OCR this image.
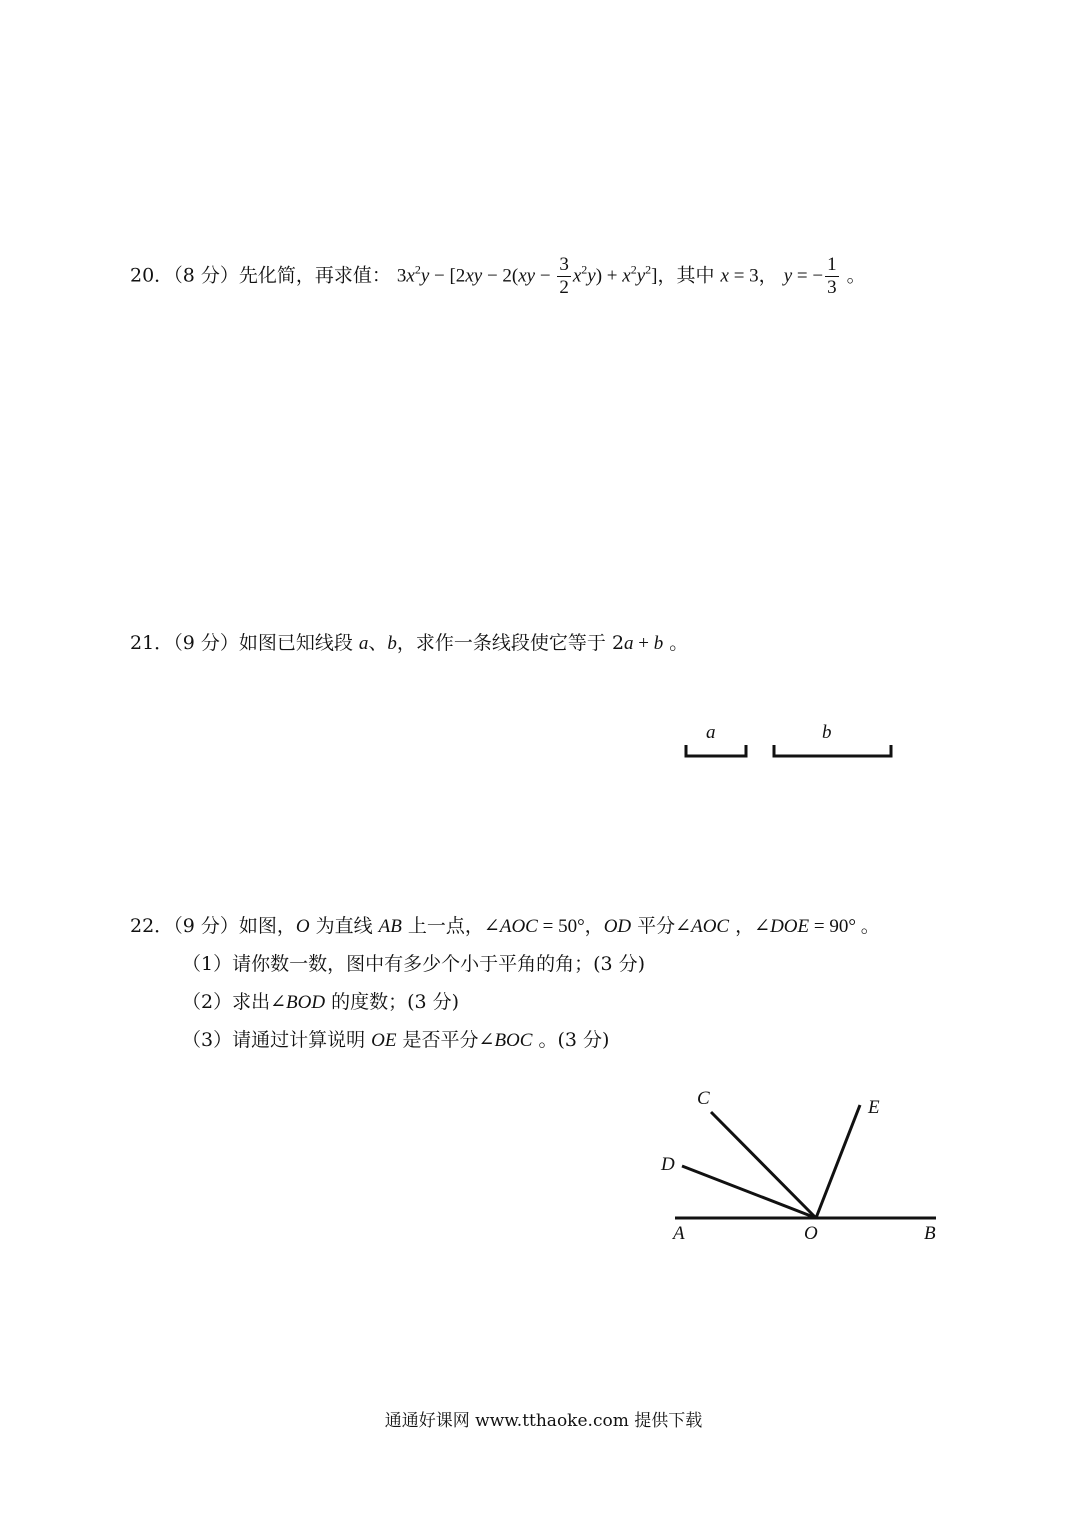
20．（8 分）先化简，再求值： $3x^2y - [2xy - 2(xy - \frac{3}{2} x^2y) + x^2y^2]$，其中 x = 3， y = − $\frac{1}{3}$ 。
21．（9 分）如图已知线段 a、b，求作一条线段使它等于 2a + b 。
a	b
22．（9 分）如图，O 为直线 AB 上一点，∠AOC = 50°，OD 平分∠AOC ，∠DOE = 90° 。
（1）请你数一数，图中有多少个小于平角的角；(3 分)
（2）求出∠BOD 的度数；(3 分)
（3）请通过计算说明 OE 是否平分∠BOC 。(3 分)
C
D
E
A	O	B
通通好课网 www.tthaoke.com 提供下载
